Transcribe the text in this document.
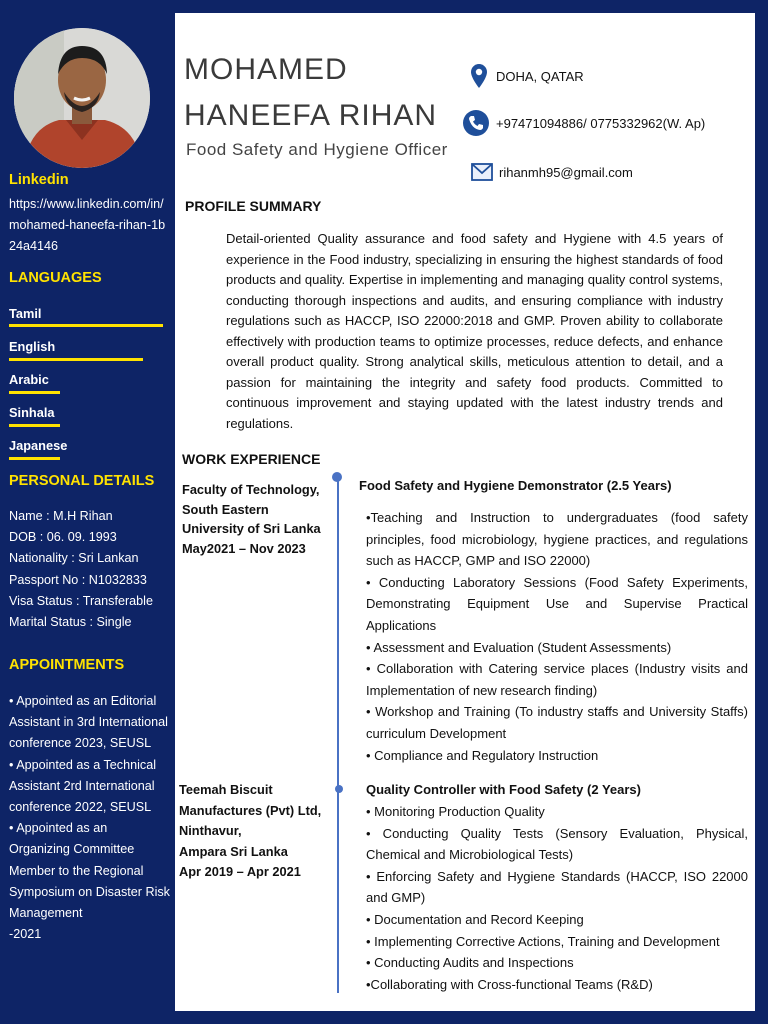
Linkedin
https://www.linkedin.com/in/mohamed-haneefa-rihan-1b24a4146
LANGUAGES
Tamil
English
Arabic
Sinhala
Japanese
PERSONAL DETAILS
Name : M.H Rihan
DOB : 06. 09. 1993
Nationality : Sri Lankan
Passport No : N1032833
Visa Status : Transferable
Marital Status : Single
APPOINTMENTS
• Appointed as an Editorial Assistant in 3rd International conference 2023, SEUSL
• Appointed as a Technical Assistant 2rd International conference 2022, SEUSL
• Appointed as an Organizing Committee Member to the Regional Symposium on Disaster Risk Management
-2021
MOHAMED
HANEEFA RIHAN
Food Safety and Hygiene Officer
DOHA, QATAR
+97471094886/ 0775332962(W. Ap)
rihanmh95@gmail.com
PROFILE SUMMARY
Detail-oriented Quality assurance and food safety and Hygiene with 4.5 years of experience in the Food industry, specializing in ensuring the highest standards of food products and quality. Expertise in implementing and managing quality control systems, conducting thorough inspections and audits, and ensuring compliance with industry regulations such as HACCP, ISO 22000:2018 and GMP. Proven ability to collaborate effectively with production teams to optimize processes, reduce defects, and enhance overall product quality. Strong analytical skills, meticulous attention to detail, and a passion for maintaining the integrity and safety food products. Committed to continuous improvement and staying updated with the latest industry trends and regulations.
WORK EXPERIENCE
Faculty of Technology,
South Eastern
University of Sri Lanka
May2021 – Nov 2023
Food Safety and Hygiene Demonstrator (2.5 Years)
•Teaching and Instruction to undergraduates (food safety principles, food microbiology, hygiene practices, and regulations such as HACCP, GMP and ISO 22000)
• Conducting Laboratory Sessions (Food Safety Experiments, Demonstrating Equipment Use and Supervise Practical Applications
• Assessment and Evaluation (Student Assessments)
• Collaboration with Catering service places (Industry visits and Implementation of new research finding)
• Workshop and Training (To industry staffs and University Staffs) curriculum Development
• Compliance and Regulatory Instruction
Teemah Biscuit
Manufactures (Pvt) Ltd,
Ninthavur,
Ampara Sri Lanka
Apr 2019 – Apr 2021
Quality Controller with Food Safety (2 Years)
• Monitoring Production Quality
• Conducting Quality Tests (Sensory Evaluation, Physical, Chemical and Microbiological Tests)
• Enforcing Safety and Hygiene Standards (HACCP, ISO 22000 and GMP)
• Documentation and Record Keeping
• Implementing Corrective Actions, Training and Development
• Conducting Audits and Inspections
•Collaborating with Cross-functional Teams (R&D)
